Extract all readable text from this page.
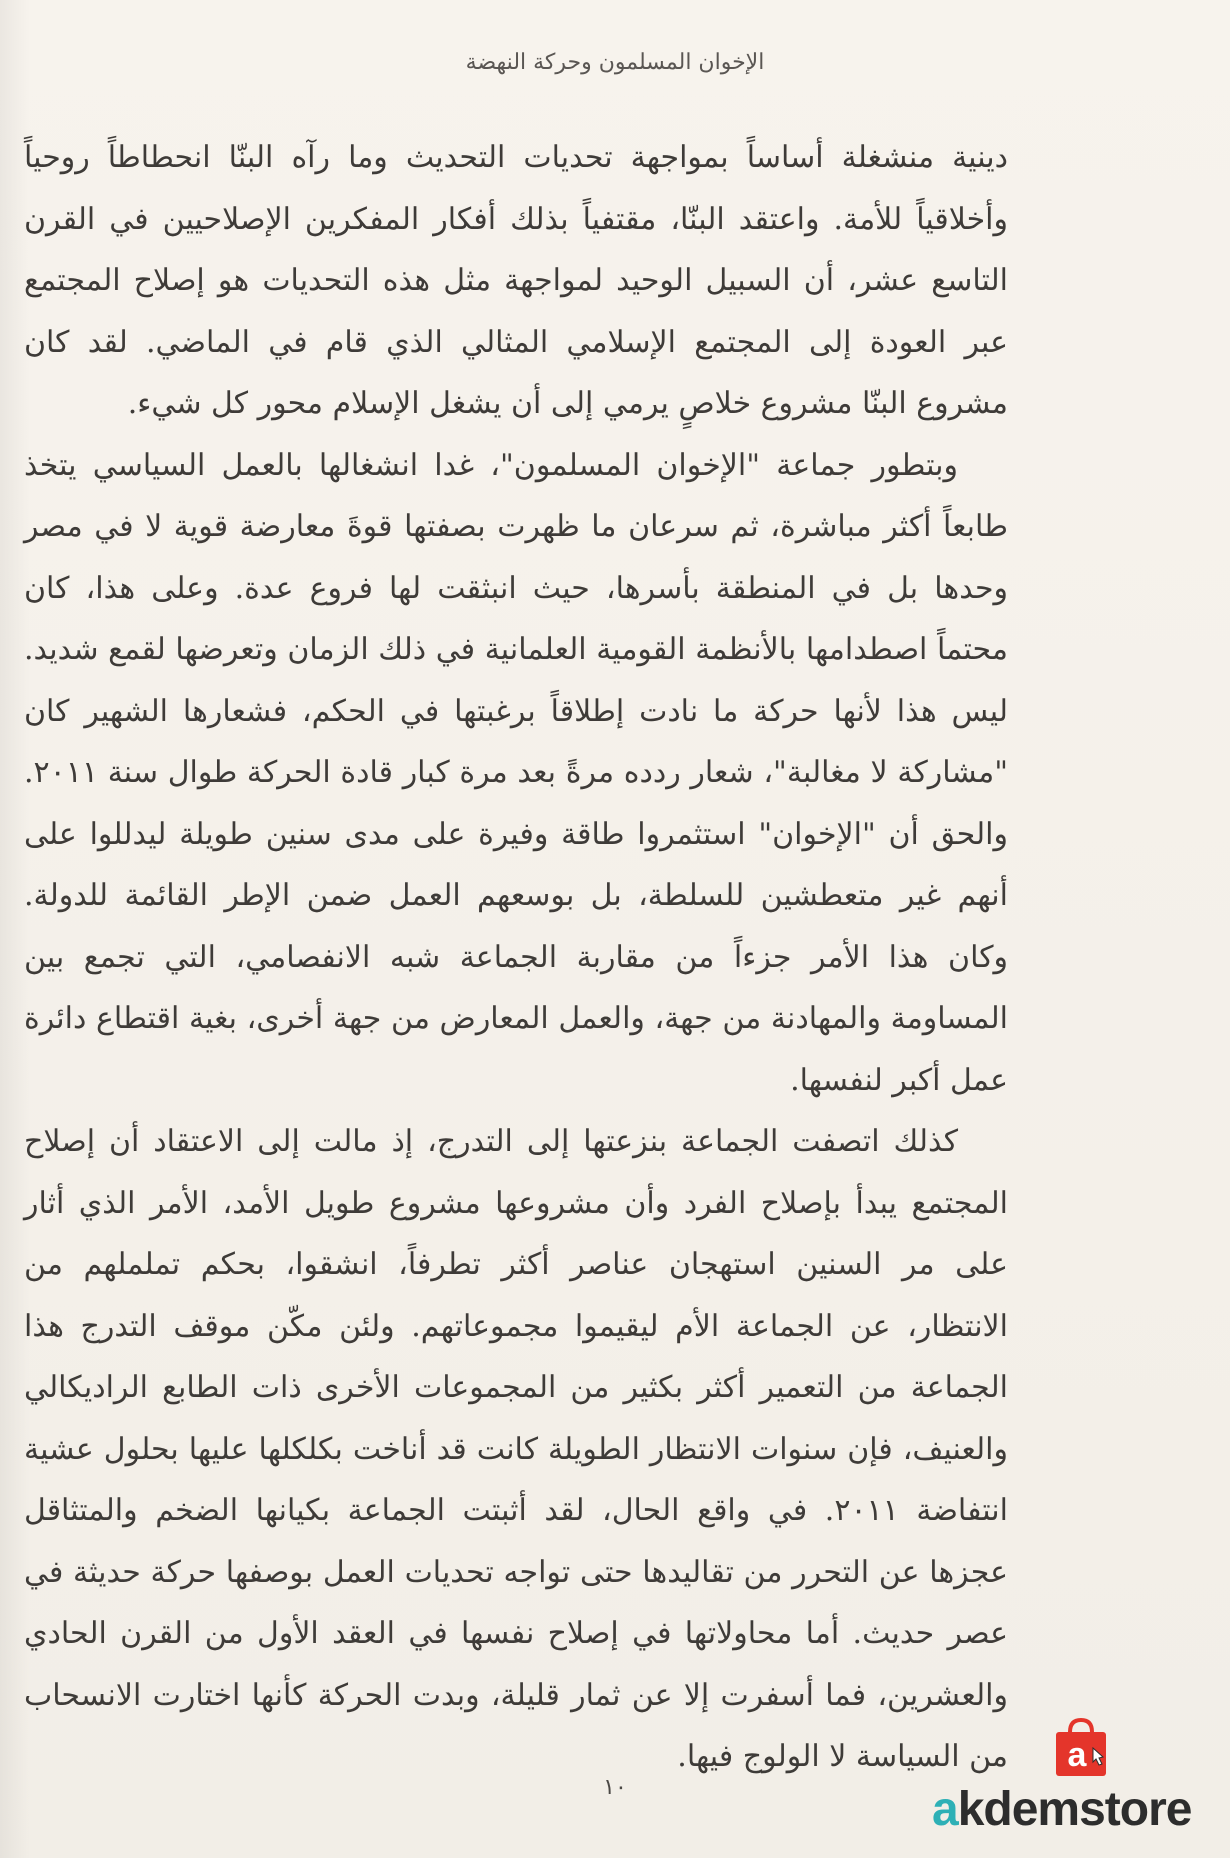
الإخوان المسلمون وحركة النهضة

دينية منشغلة أساساً بمواجهة تحديات التحديث وما رآه البنّا انحطاطاً روحياً وأخلاقياً للأمة. واعتقد البنّا، مقتفياً بذلك أفكار المفكرين الإصلاحيين في القرن التاسع عشر، أن السبيل الوحيد لمواجهة مثل هذه التحديات هو إصلاح المجتمع عبر العودة إلى المجتمع الإسلامي المثالي الذي قام في الماضي. لقد كان مشروع البنّا مشروع خلاصٍ يرمي إلى أن يشغل الإسلام محور كل شيء.

وبتطور جماعة "الإخوان المسلمون"، غدا انشغالها بالعمل السياسي يتخذ طابعاً أكثر مباشرة، ثم سرعان ما ظهرت بصفتها قوةَ معارضة قوية لا في مصر وحدها بل في المنطقة بأسرها، حيث انبثقت لها فروع عدة. وعلى هذا، كان محتماً اصطدامها بالأنظمة القومية العلمانية في ذلك الزمان وتعرضها لقمع شديد. ليس هذا لأنها حركة ما نادت إطلاقاً برغبتها في الحكم، فشعارها الشهير كان "مشاركة لا مغالبة"، شعار ردده مرةً بعد مرة كبار قادة الحركة طوال سنة ٢٠١١. والحق أن "الإخوان" استثمروا طاقة وفيرة على مدى سنين طويلة ليدللوا على أنهم غير متعطشين للسلطة، بل بوسعهم العمل ضمن الإطر القائمة للدولة. وكان هذا الأمر جزءاً من مقاربة الجماعة شبه الانفصامي، التي تجمع بين المساومة والمهادنة من جهة، والعمل المعارض من جهة أخرى، بغية اقتطاع دائرة عمل أكبر لنفسها.

كذلك اتصفت الجماعة بنزعتها إلى التدرج، إذ مالت إلى الاعتقاد أن إصلاح المجتمع يبدأ بإصلاح الفرد وأن مشروعها مشروع طويل الأمد، الأمر الذي أثار على مر السنين استهجان عناصر أكثر تطرفاً، انشقوا، بحكم تململهم من الانتظار، عن الجماعة الأم ليقيموا مجموعاتهم. ولئن مكّن موقف التدرج هذا الجماعة من التعمير أكثر بكثير من المجموعات الأخرى ذات الطابع الراديكالي والعنيف، فإن سنوات الانتظار الطويلة كانت قد أناخت بكلكلها عليها بحلول عشية انتفاضة ٢٠١١. في واقع الحال، لقد أثبتت الجماعة بكيانها الضخم والمتثاقل عجزها عن التحرر من تقاليدها حتى تواجه تحديات العمل بوصفها حركة حديثة في عصر حديث. أما محاولاتها في إصلاح نفسها في العقد الأول من القرن الحادي والعشرين، فما أسفرت إلا عن ثمار قليلة، وبدت الحركة كأنها اختارت الانسحاب من السياسة لا الولوج فيها.

١٠
a
akdemstore
